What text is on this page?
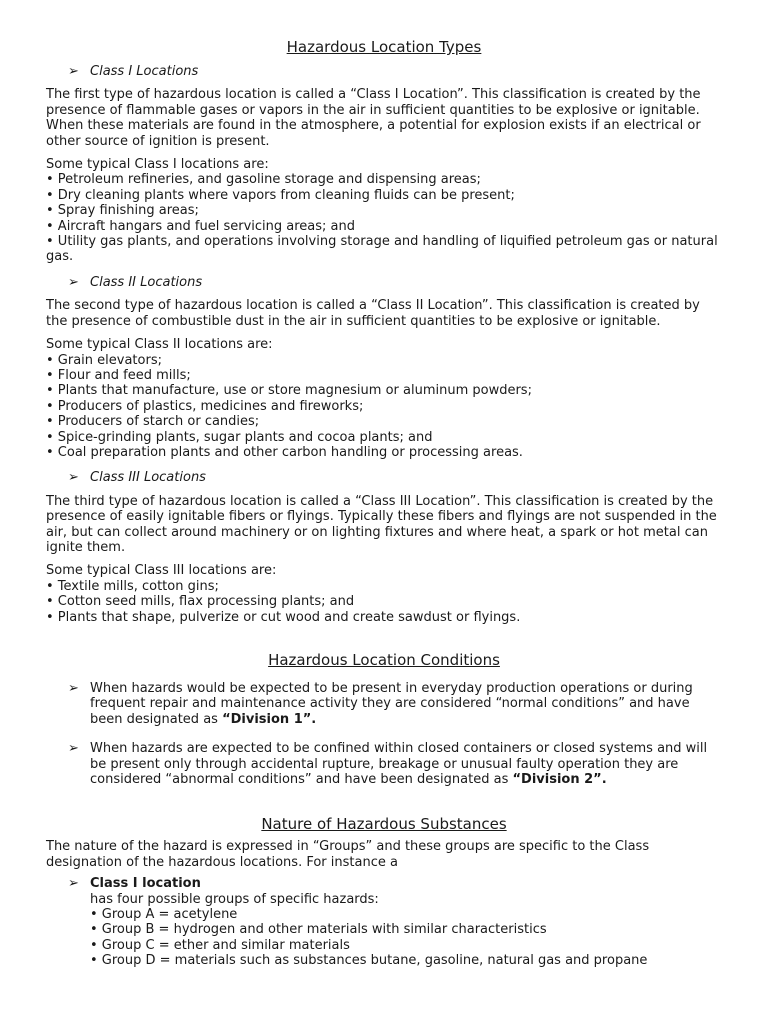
Hazardous Location Types
➢ Class I Locations

The first type of hazardous location is called a “Class I Location”. This classification is created by the presence of flammable gases or vapors in the air in sufficient quantities to be explosive or ignitable. When these materials are found in the atmosphere, a potential for explosion exists if an electrical or other source of ignition is present.

Some typical Class I locations are:
• Petroleum refineries, and gasoline storage and dispensing areas;
• Dry cleaning plants where vapors from cleaning fluids can be present;
• Spray finishing areas;
• Aircraft hangars and fuel servicing areas; and
• Utility gas plants, and operations involving storage and handling of liquified petroleum gas or natural gas.
➢ Class II Locations

The second type of hazardous location is called a “Class II Location”. This classification is created by the presence of combustible dust in the air in sufficient quantities to be explosive or ignitable.

Some typical Class II locations are:
• Grain elevators;
• Flour and feed mills;
• Plants that manufacture, use or store magnesium or aluminum powders;
• Producers of plastics, medicines and fireworks;
• Producers of starch or candies;
• Spice-grinding plants, sugar plants and cocoa plants; and
• Coal preparation plants and other carbon handling or processing areas.
➢ Class III Locations

The third type of hazardous location is called a “Class III Location”. This classification is created by the presence of easily ignitable fibers or flyings. Typically these fibers and flyings are not suspended in the air, but can collect around machinery or on lighting fixtures and where heat, a spark or hot metal can ignite them.

Some typical Class III locations are:
• Textile mills, cotton gins;
• Cotton seed mills, flax processing plants; and
• Plants that shape, pulverize or cut wood and create sawdust or flyings.
Hazardous Location Conditions
➢ When hazards would be expected to be present in everyday production operations or during frequent repair and maintenance activity they are considered “normal conditions” and have been designated as “Division 1”.
➢ When hazards are expected to be confined within closed containers or closed systems and will be present only through accidental rupture, breakage or unusual faulty operation they are considered “abnormal conditions” and have been designated as “Division 2”.
Nature of Hazardous Substances

The nature of the hazard is expressed in “Groups” and these groups are specific to the Class designation of the hazardous locations. For instance a

➢ Class I location
has four possible groups of specific hazards:
• Group A = acetylene
• Group B = hydrogen and other materials with similar characteristics
• Group C = ether and similar materials
• Group D = materials such as substances butane, gasoline, natural gas and propane
